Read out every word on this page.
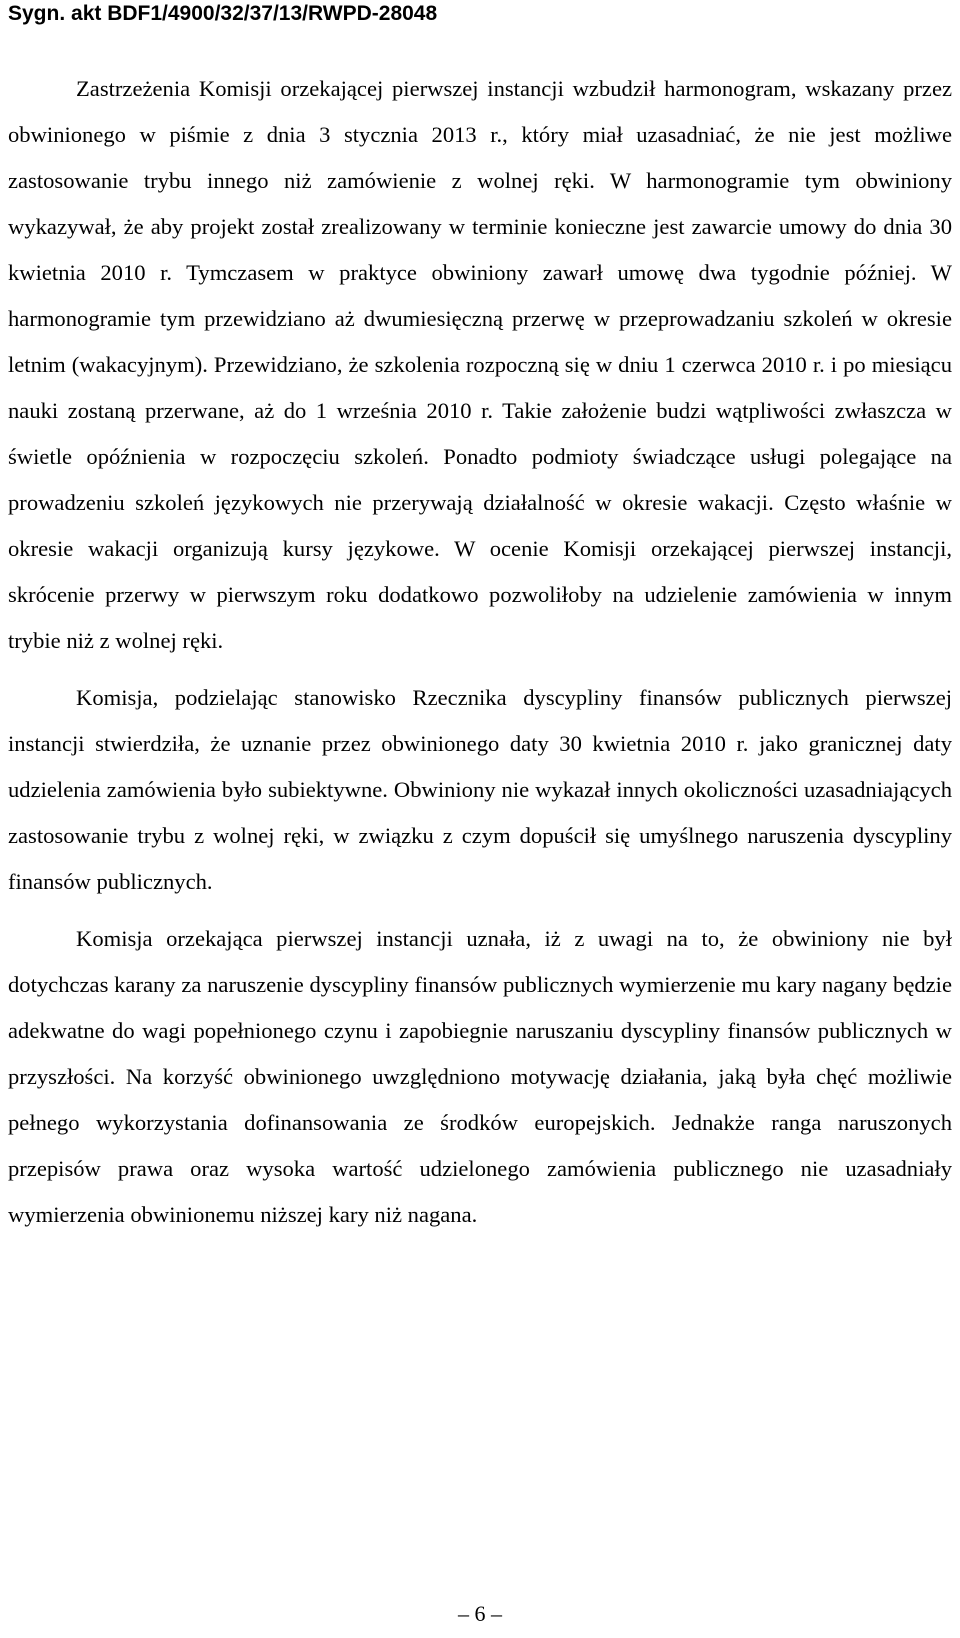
Sygn. akt BDF1/4900/32/37/13/RWPD-28048

Zastrzeżenia Komisji orzekającej pierwszej instancji wzbudził harmonogram, wskazany przez obwinionego w piśmie z dnia 3 stycznia 2013 r., który miał uzasadniać, że nie jest możliwe zastosowanie trybu innego niż zamówienie z wolnej ręki. W harmonogramie tym obwiniony wykazywał, że aby projekt został zrealizowany w terminie konieczne jest zawarcie umowy do dnia 30 kwietnia 2010 r. Tymczasem w praktyce obwiniony zawarł umowę dwa tygodnie później. W harmonogramie tym przewidziano aż dwumiesięczną przerwę w przeprowadzaniu szkoleń w okresie letnim (wakacyjnym). Przewidziano, że szkolenia rozpoczną się w dniu 1 czerwca 2010 r. i po miesiącu nauki zostaną przerwane, aż do 1 września 2010 r. Takie założenie budzi wątpliwości zwłaszcza w świetle opóźnienia w rozpoczęciu szkoleń. Ponadto podmioty świadczące usługi polegające na prowadzeniu szkoleń językowych nie przerywają działalność w okresie wakacji. Często właśnie w okresie wakacji organizują kursy językowe. W ocenie Komisji orzekającej pierwszej instancji, skrócenie przerwy w pierwszym roku dodatkowo pozwoliłoby na udzielenie zamówienia w innym trybie niż z wolnej ręki.

Komisja, podzielając stanowisko Rzecznika dyscypliny finansów publicznych pierwszej instancji stwierdziła, że uznanie przez obwinionego daty 30 kwietnia 2010 r. jako granicznej daty udzielenia zamówienia było subiektywne. Obwiniony nie wykazał innych okoliczności uzasadniających zastosowanie trybu z wolnej ręki, w związku z czym dopuścił się umyślnego naruszenia dyscypliny finansów publicznych.

Komisja orzekająca pierwszej instancji uznała, iż z uwagi na to, że obwiniony nie był dotychczas karany za naruszenie dyscypliny finansów publicznych wymierzenie mu kary nagany będzie adekwatne do wagi popełnionego czynu i zapobiegnie naruszaniu dyscypliny finansów publicznych w przyszłości. Na korzyść obwinionego uwzględniono motywację działania, jaką była chęć możliwie pełnego wykorzystania dofinansowania ze środków europejskich. Jednakże ranga naruszonych przepisów prawa oraz wysoka wartość udzielonego zamówienia publicznego nie uzasadniały wymierzenia obwinionemu niższej kary niż nagana.

– 6 –
